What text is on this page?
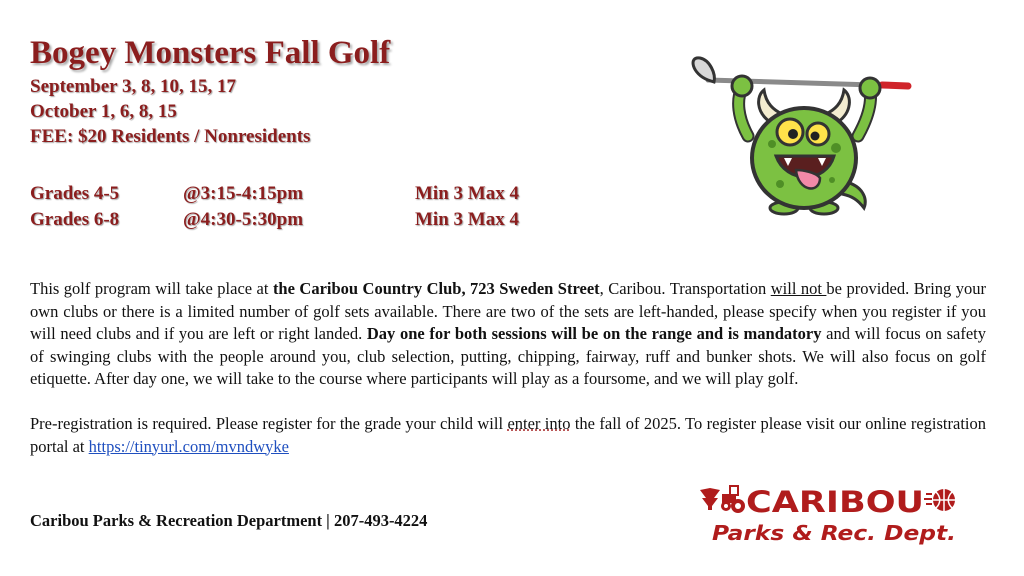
Bogey Monsters Fall Golf
September 3, 8, 10, 15, 17
October 1, 6, 8, 15
FEE: $20 Residents / Nonresidents
Grades 4-5	@3:15-4:15pm	Min 3 Max 4
Grades 6-8	@4:30-5:30pm	Min 3 Max 4

This golf program will take place at the Caribou Country Club, 723 Sweden Street, Caribou. Transportation will not be provided. Bring your own clubs or there is a limited number of golf sets available. There are two of the sets are left-handed, please specify when you register if you will need clubs and if you are left or right landed. Day one for both sessions will be on the range and is mandatory and will focus on safety of swinging clubs with the people around you, club selection, putting, chipping, fairway, ruff and bunker shots. We will also focus on golf etiquette. After day one, we will take to the course where participants will play as a foursome, and we will play golf.

Pre-registration is required. Please register for the grade your child will enter into the fall of 2025. To register please visit our online registration portal at https://tinyurl.com/mvndwyke

Caribou Parks & Recreation Department | 207-493-4224
CARIBOU
Parks & Rec. Dept.
